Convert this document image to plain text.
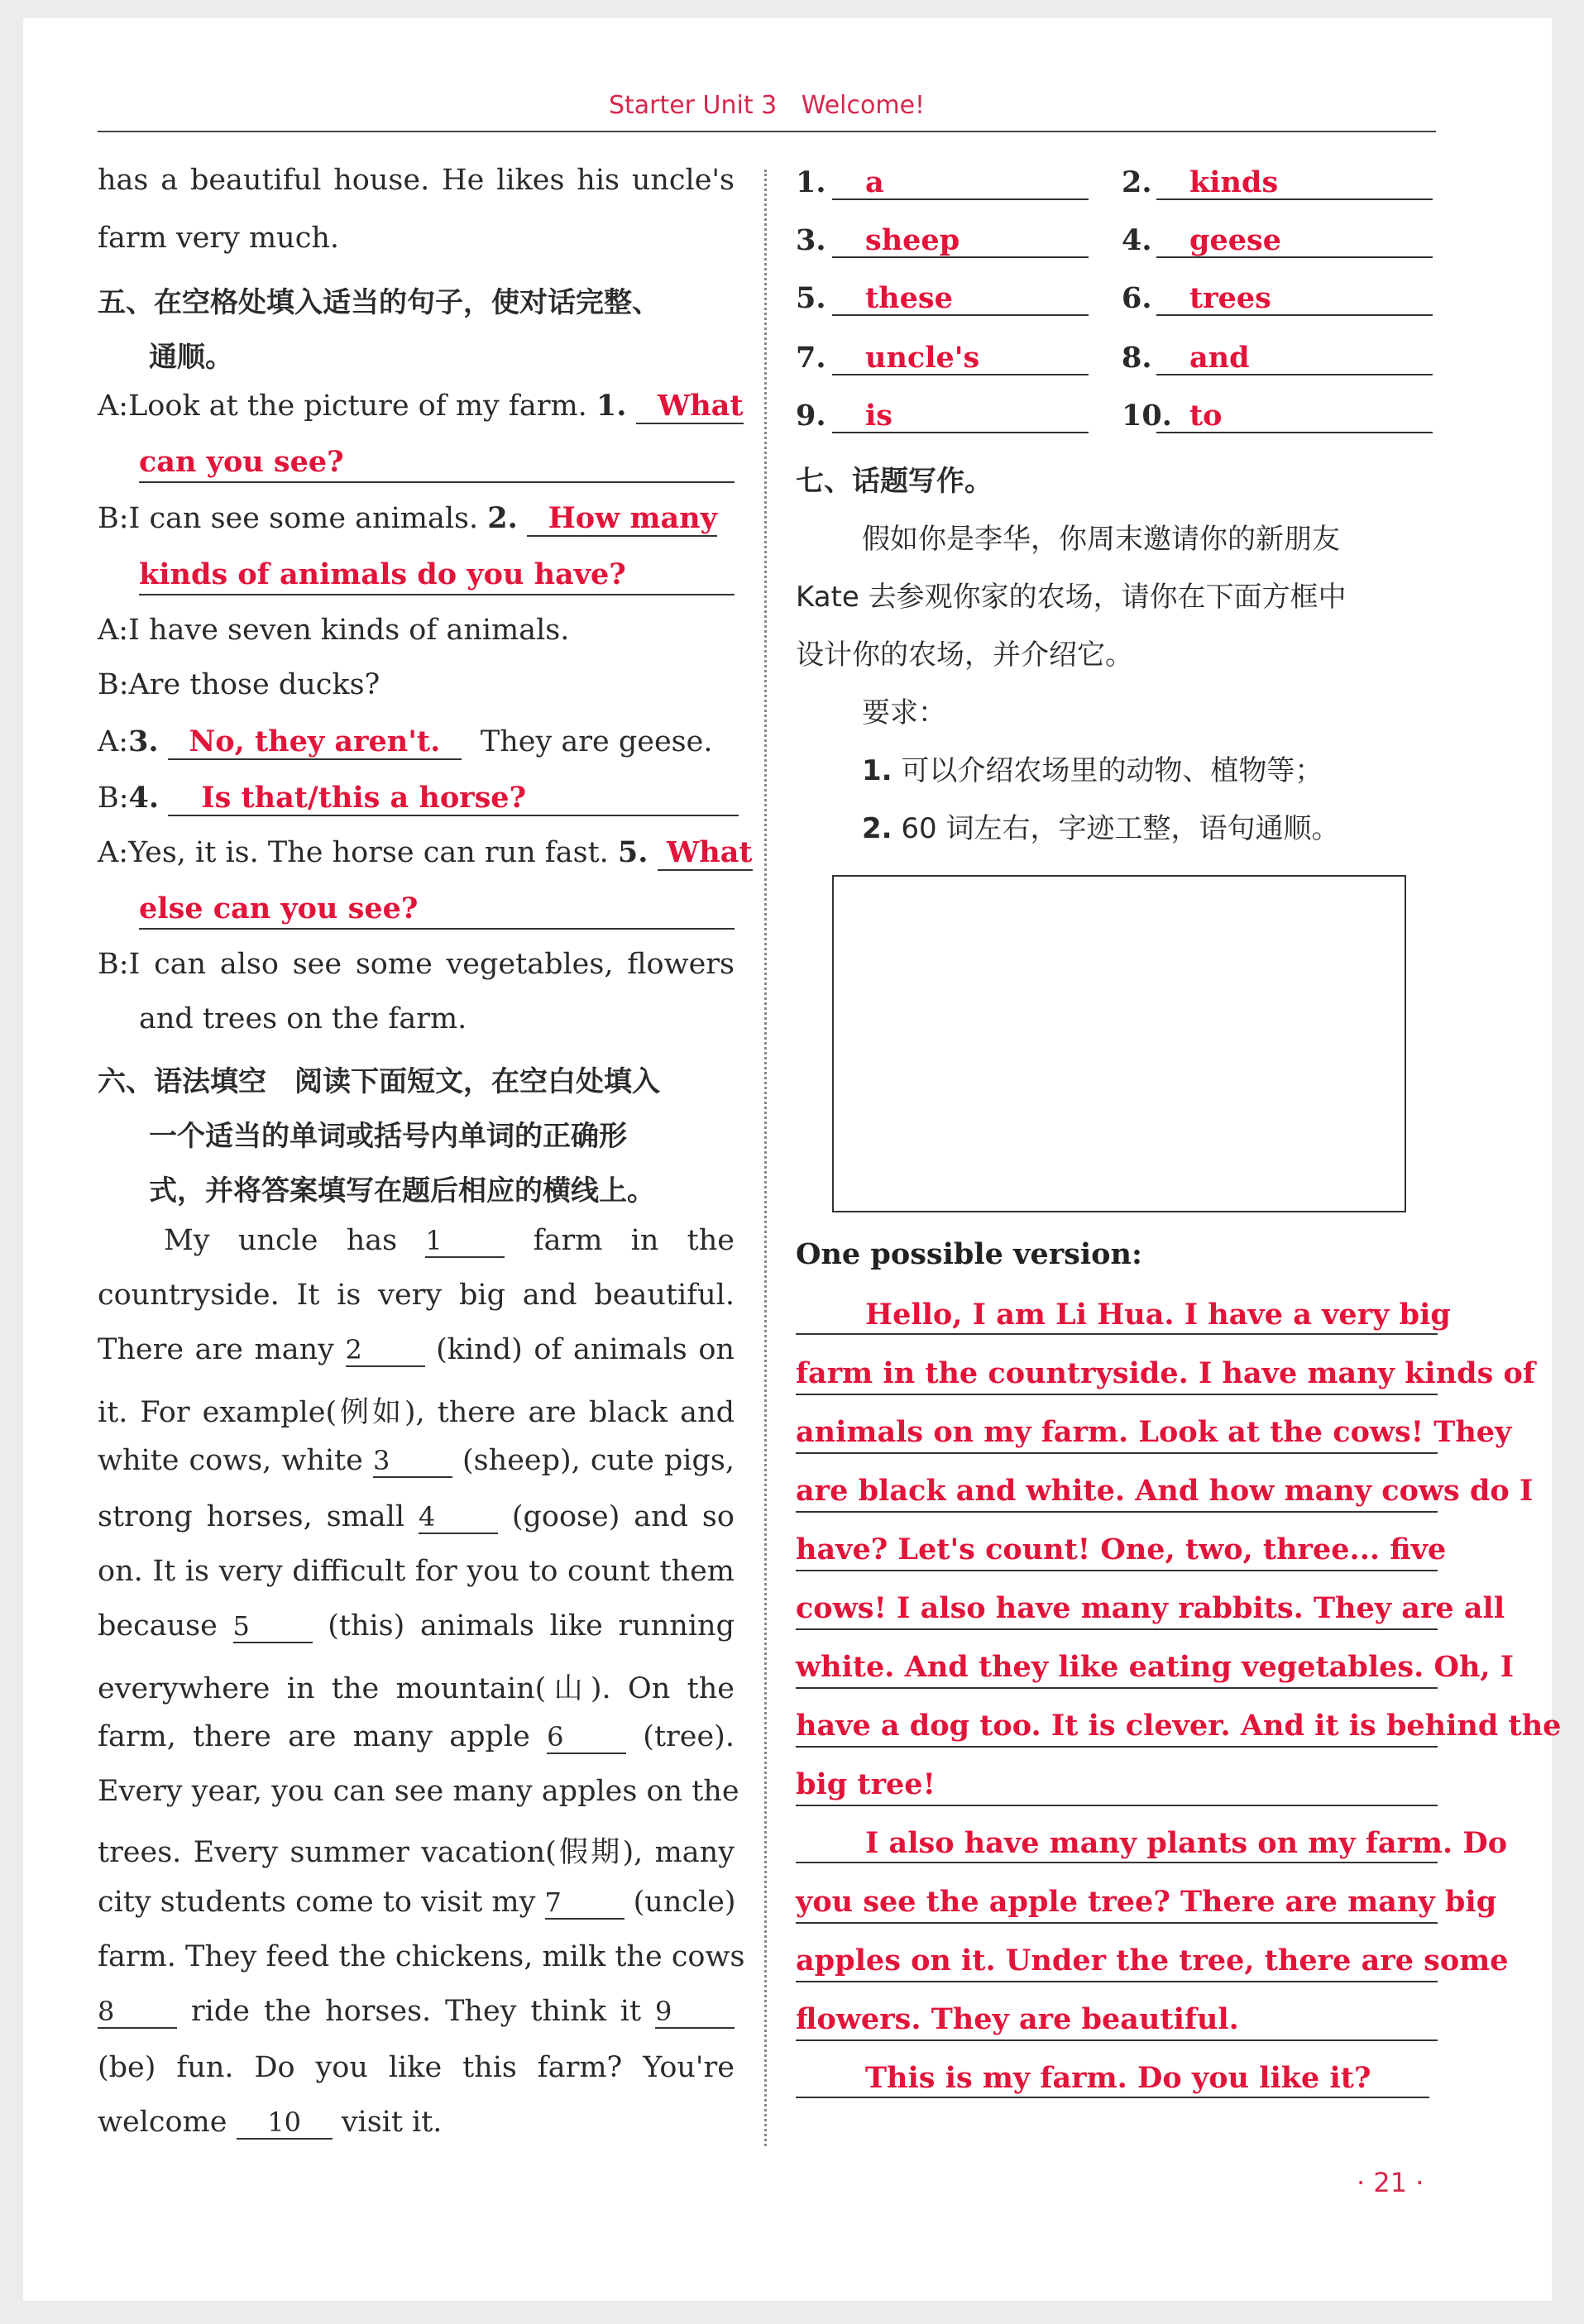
Starter Unit 3 Welcome!
has a beautiful house. He likes his uncle's
farm very much.
五、在空格处填入适当的句子，使对话完整、
通顺。
A:Look at the picture of my farm. 1. What
can you see?
B:I can see some animals. 2. How many
kinds of animals do you have?
A:I have seven kinds of animals.
B:Are those ducks?
A:3. No, they aren't. They are geese.
B:4. Is that/this a horse?
A:Yes, it is. The horse can run fast. 5. What
else can you see?
B:I can also see some vegetables, flowers
and trees on the farm.
六、语法填空　阅读下面短文，在空白处填入
一个适当的单词或括号内单词的正确形
式，并将答案填写在题后相应的横线上。
My uncle has 1	farm in the
countryside. It is very big and beautiful.
There are many 2	(kind) of animals on
it. For example(例如), there are black and
white cows, white 3	(sheep), cute pigs,
strong horses, small 4	(goose) and so
on. It is very difficult for you to count them
because 5	(this) animals like running
everywhere in the mountain(山). On the
farm, there are many apple 6	(tree).
Every year, you can see many apples on the
trees. Every summer vacation(假期), many
city students come to visit my 7 (uncle)
farm. They feed the chickens, milk the cows
8	ride the horses. They think it 9
(be) fun. Do you like this farm? You're
welcome 10 visit it.
1.	a	2.	kinds
3.	sheep	4.	geese
5.	these	6.	trees
7.	uncle's	8.	and
9.	is	10. to
七、话题写作。
假如你是李华，你周末邀请你的新朋友
Kate 去参观你家的农场，请你在下面方框中
设计你的农场，并介绍它。
要求：
1. 可以介绍农场里的动物、植物等；
2. 60 词左右，字迹工整，语句通顺。
One possible version:
Hello, I am Li Hua. I have a very big
farm in the countryside. I have many kinds of
animals on my farm. Look at the cows! They
are black and white. And how many cows do I
have? Let's count! One, two, three... five
cows! I also have many rabbits. They are all
white. And they like eating vegetables. Oh, I
have a dog too. It is clever. And it is behind the
big tree!
I also have many plants on my farm. Do
you see the apple tree? There are many big
apples on it. Under the tree, there are some
flowers. They are beautiful.
This is my farm. Do you like it?
· 21 ·
